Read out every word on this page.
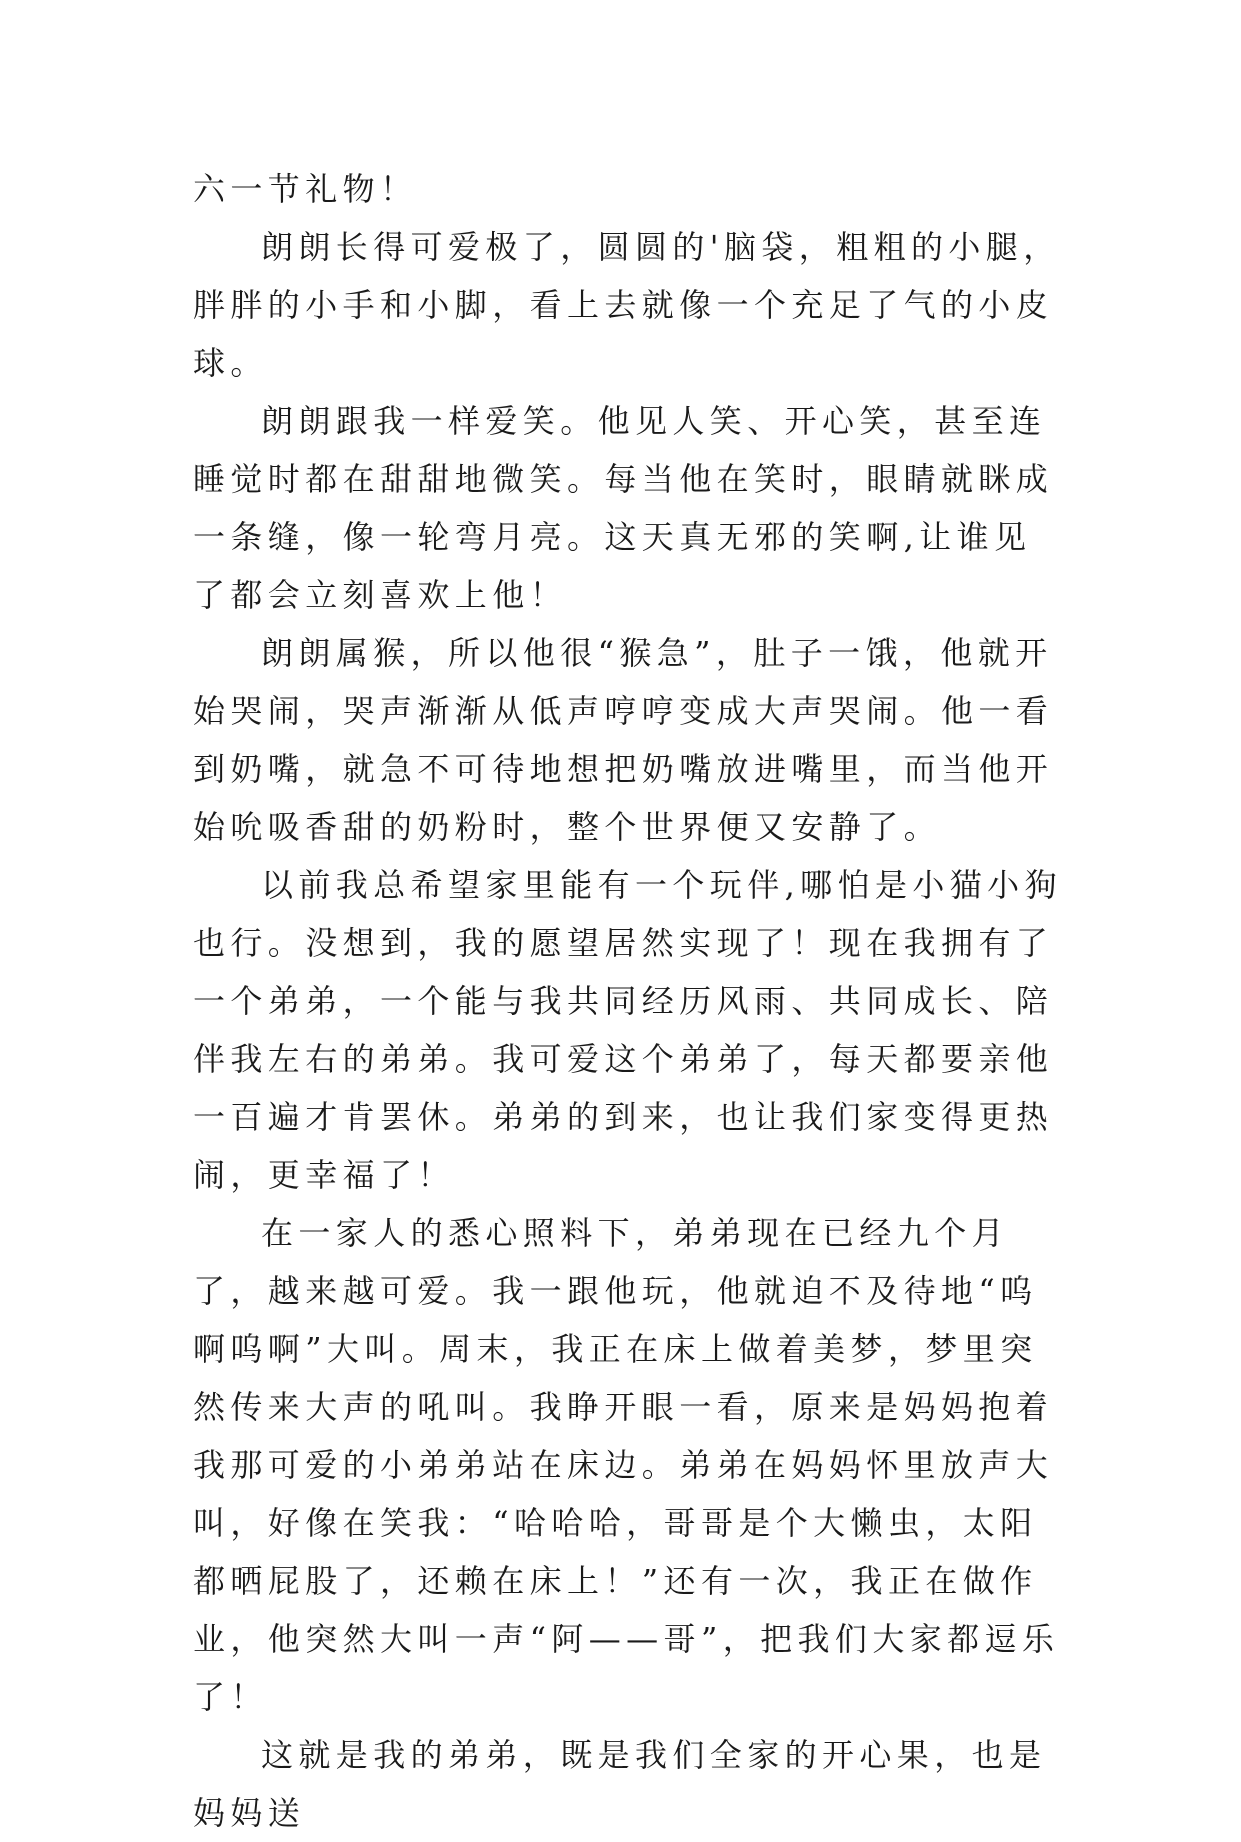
六一节礼物！

朗朗长得可爱极了，圆圆的'脑袋，粗粗的小腿，胖胖的小手和小脚，看上去就像一个充足了气的小皮球。

朗朗跟我一样爱笑。他见人笑、开心笑，甚至连睡觉时都在甜甜地微笑。每当他在笑时，眼睛就眯成一条缝，像一轮弯月亮。这天真无邪的笑啊,让谁见了都会立刻喜欢上他！

朗朗属猴，所以他很“猴急”，肚子一饿，他就开始哭闹，哭声渐渐从低声哼哼变成大声哭闹。他一看到奶嘴，就急不可待地想把奶嘴放进嘴里，而当他开始吮吸香甜的奶粉时，整个世界便又安静了。

以前我总希望家里能有一个玩伴,哪怕是小猫小狗也行。没想到，我的愿望居然实现了！现在我拥有了一个弟弟，一个能与我共同经历风雨、共同成长、陪伴我左右的弟弟。我可爱这个弟弟了，每天都要亲他一百遍才肯罢休。弟弟的到来，也让我们家变得更热闹，更幸福了！

在一家人的悉心照料下，弟弟现在已经九个月了，越来越可爱。我一跟他玩，他就迫不及待地“呜啊呜啊”大叫。周末，我正在床上做着美梦，梦里突然传来大声的吼叫。我睁开眼一看，原来是妈妈抱着我那可爱的小弟弟站在床边。弟弟在妈妈怀里放声大叫，好像在笑我：“哈哈哈，哥哥是个大懒虫，太阳都晒屁股了，还赖在床上！”还有一次，我正在做作业，他突然大叫一声“阿——哥”，把我们大家都逗乐了！

这就是我的弟弟，既是我们全家的开心果，也是妈妈送
